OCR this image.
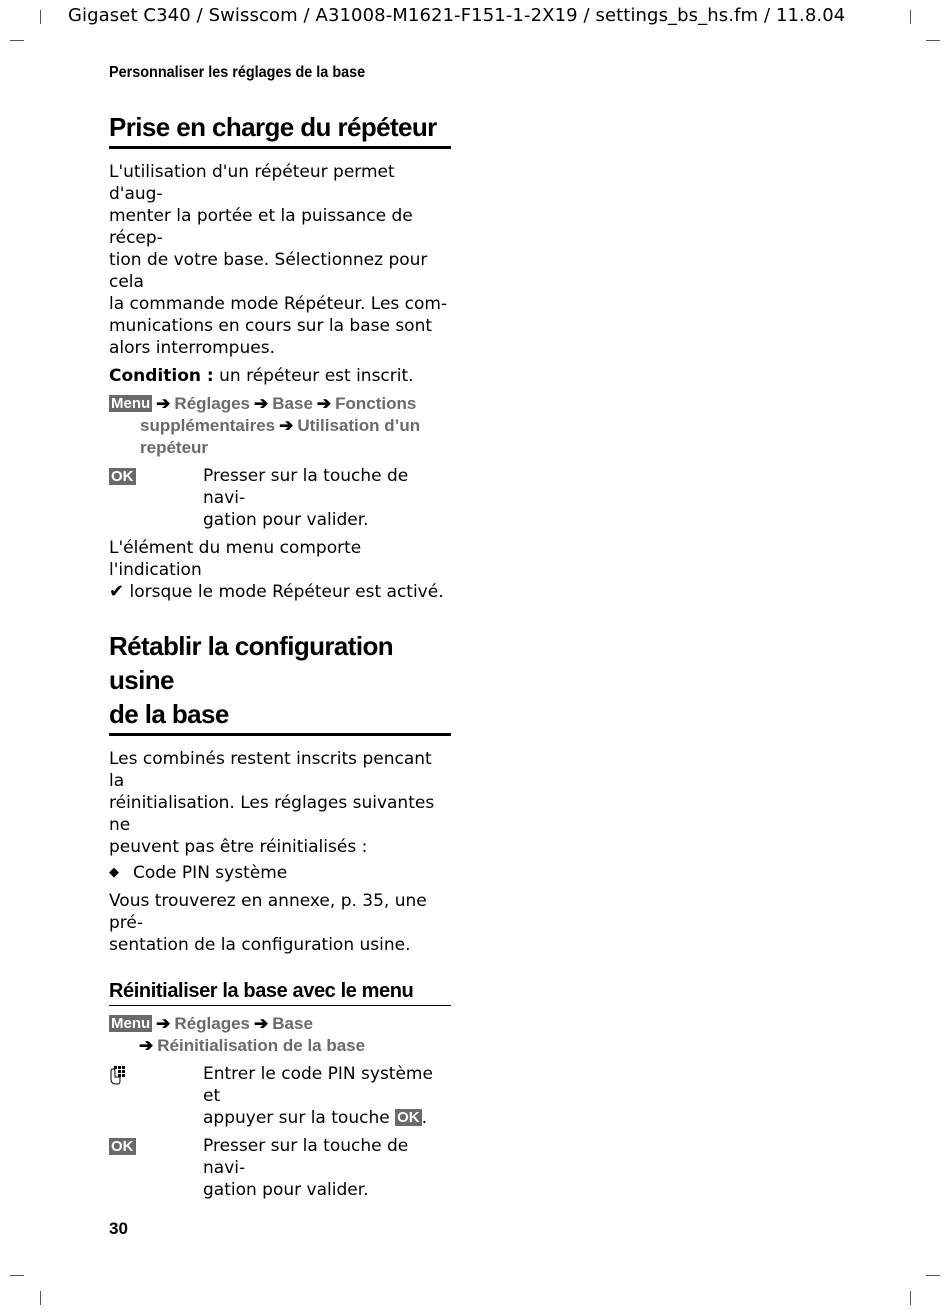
Gigaset C340 / Swisscom / A31008-M1621-F151-1-2X19 / settings_bs_hs.fm / 11.8.04

Personnaliser les réglages de la base

Prise en charge du répéteur

L'utilisation d'un répéteur permet d'aug-
menter la portée et la puissance de récep-
tion de votre base. Sélectionnez pour cela
la commande mode Répéteur. Les com-
munications en cours sur la base sont
alors interrompues.

Condition : un répéteur est inscrit.

Menu ➔ Réglages ➔ Base ➔ Fonctions

supplémentaires ➔ Utilisation d’un

repéteur

OK	Presser sur la touche de navi-
gation pour valider.

L'élément du menu comporte l'indication
✔ lorsque le mode Répéteur est activé.

Rétablir la configuration usine
de la base

Les combinés restent inscrits pencant la
réinitialisation. Les réglages suivantes ne
peuvent pas être réinitialisés :

◆ Code PIN système

Vous trouverez en annexe, p. 35, une pré-
sentation de la configuration usine.

Réinitialiser la base avec le menu

Menu ➔ Réglages ➔ Base

➔ Réinitialisation de la base

Entrer le code PIN système et
appuyer sur la touche OK .
OK	Presser sur la touche de navi-
gation pour valider.
30
